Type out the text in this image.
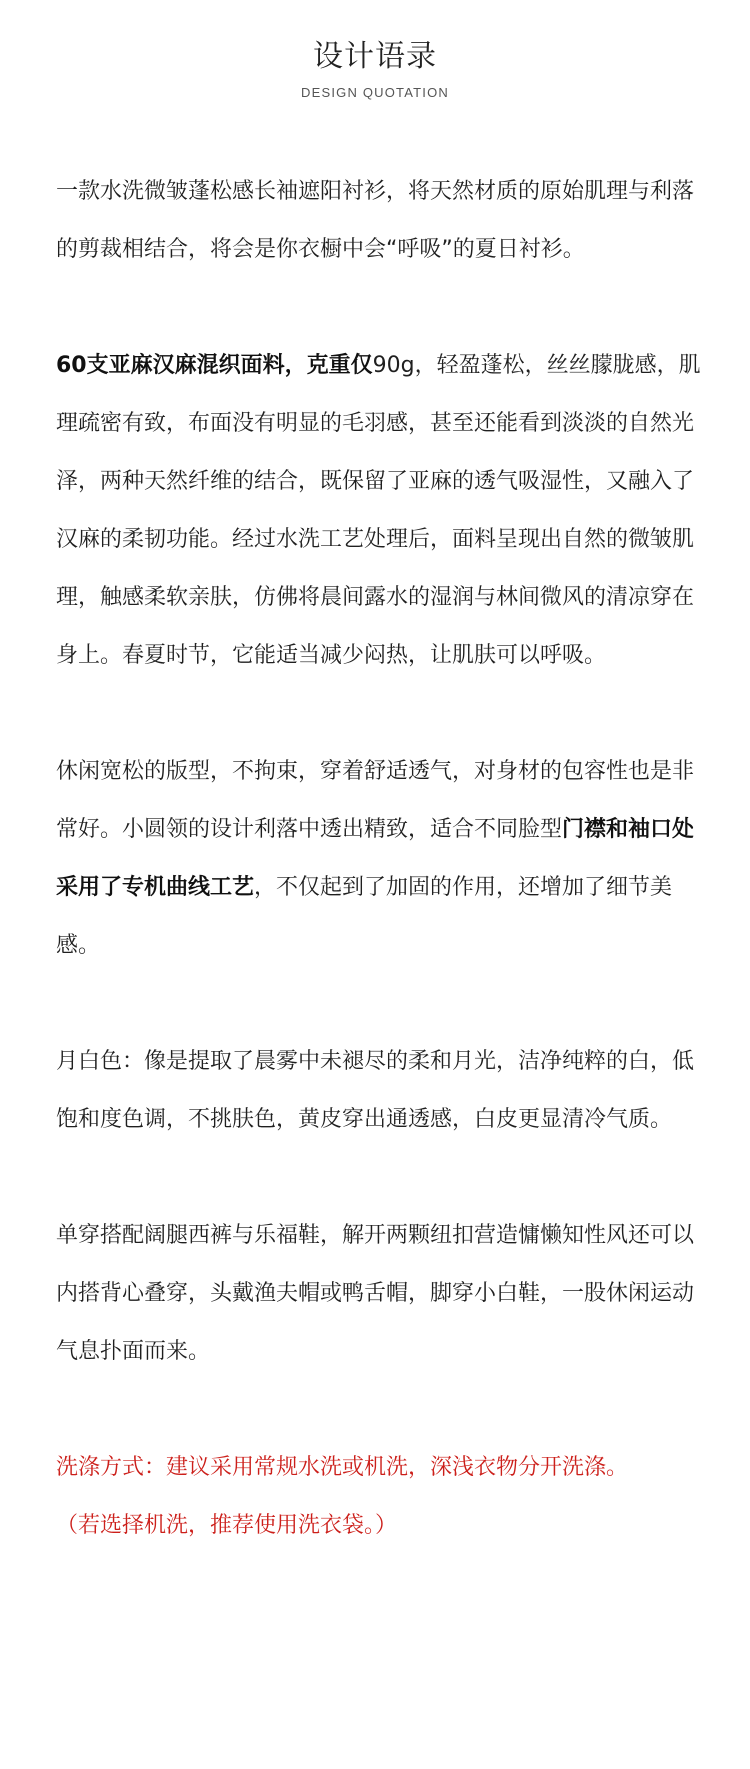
设计语录
DESIGN QUOTATION

一款水洗微皱蓬松感长袖遮阳衬衫，将天然材质的原始肌理与利落的剪裁相结合，将会是你衣橱中会“呼吸”的夏日衬衫。

60支亚麻汉麻混织面料，克重仅90g，轻盈蓬松，丝丝朦胧感，肌理疏密有致，布面没有明显的毛羽感，甚至还能看到淡淡的自然光泽，两种天然纤维的结合，既保留了亚麻的透气吸湿性，又融入了汉麻的柔韧功能。经过水洗工艺处理后，面料呈现出自然的微皱肌理，触感柔软亲肤，仿佛将晨间露水的湿润与林间微风的清凉穿在身上。春夏时节，它能适当减少闷热，让肌肤可以呼吸。

休闲宽松的版型，不拘束，穿着舒适透气，对身材的包容性也是非常好。小圆领的设计利落中透出精致，适合不同脸型门襟和袖口处采用了专机曲线工艺，不仅起到了加固的作用，还增加了细节美感。

月白色：像是提取了晨雾中未褪尽的柔和月光，洁净纯粹的白，低饱和度色调，不挑肤色，黄皮穿出通透感，白皮更显清冷气质。

单穿搭配阔腿西裤与乐福鞋，解开两颗纽扣营造慵懒知性风还可以内搭背心叠穿，头戴渔夫帽或鸭舌帽，脚穿小白鞋，一股休闲运动气息扑面而来。

洗涤方式：建议采用常规水洗或机洗，深浅衣物分开洗涤。
（若选择机洗，推荐使用洗衣袋。）
